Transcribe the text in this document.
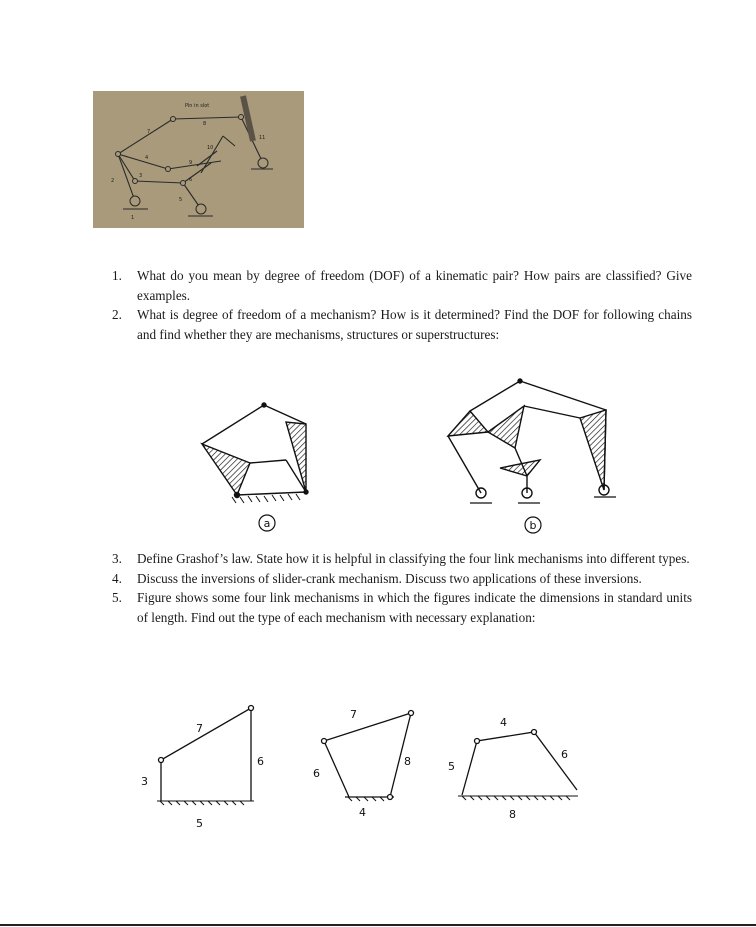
Pin in slot
1
2
3
4
5
6
7
8
9
10
11
1.	What do you mean by degree of freedom (DOF) of a kinematic pair? How pairs are classified? Give examples.
2.	What is degree of freedom of a mechanism? How is it determined? Find the DOF for following chains and find whether they are mechanisms, structures or superstructures:
a	b
3.	Define Grashof’s law. State how it is helpful in classifying the four link mechanisms into different types.
4.	Discuss the inversions of slider-crank mechanism. Discuss two applications of these inversions.
5.	Figure shows some four link mechanisms in which the figures indicate the dimensions in standard units of length. Find out the type of each mechanism with necessary explanation:
7
3
6
5
7
6
8
4
4
5
6
8
